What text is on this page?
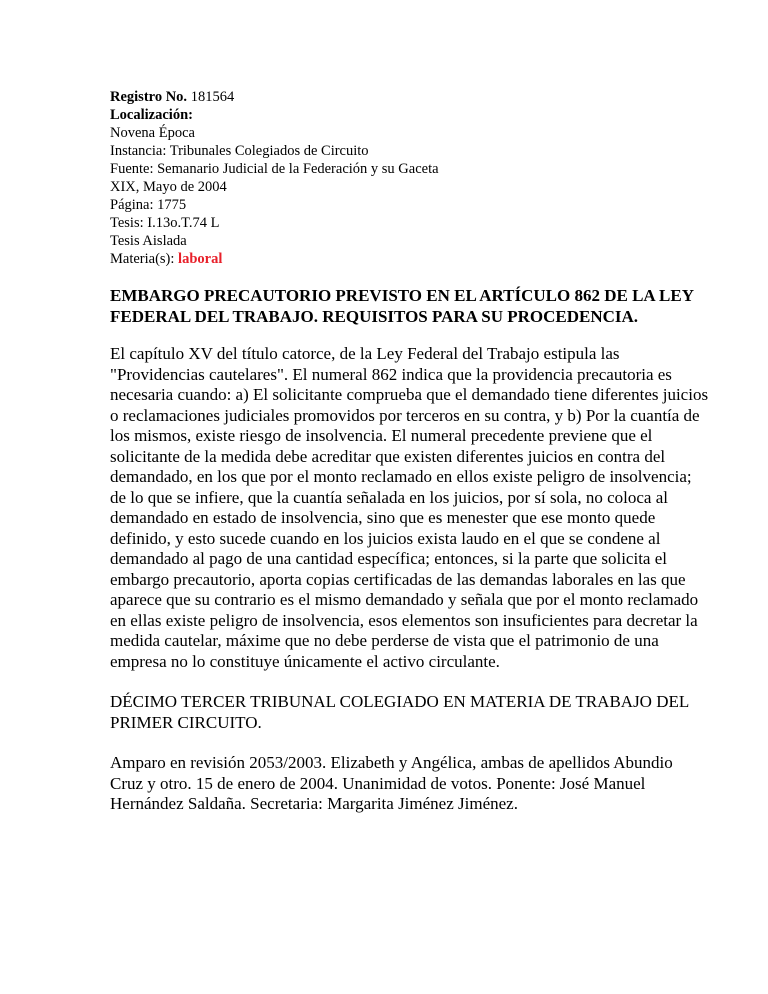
Registro No. 181564
Localización:
Novena Época
Instancia: Tribunales Colegiados de Circuito
Fuente: Semanario Judicial de la Federación y su Gaceta
XIX, Mayo de 2004
Página: 1775
Tesis: I.13o.T.74 L
Tesis Aislada
Materia(s): laboral
EMBARGO PRECAUTORIO PREVISTO EN EL ARTÍCULO 862 DE LA LEY FEDERAL DEL TRABAJO. REQUISITOS PARA SU PROCEDENCIA.
El capítulo XV del título catorce, de la Ley Federal del Trabajo estipula las "Providencias cautelares". El numeral 862 indica que la providencia precautoria es necesaria cuando: a) El solicitante comprueba que el demandado tiene diferentes juicios o reclamaciones judiciales promovidos por terceros en su contra, y b) Por la cuantía de los mismos, existe riesgo de insolvencia. El numeral precedente previene que el solicitante de la medida debe acreditar que existen diferentes juicios en contra del demandado, en los que por el monto reclamado en ellos existe peligro de insolvencia; de lo que se infiere, que la cuantía señalada en los juicios, por sí sola, no coloca al demandado en estado de insolvencia, sino que es menester que ese monto quede definido, y esto sucede cuando en los juicios exista laudo en el que se condene al demandado al pago de una cantidad específica; entonces, si la parte que solicita el embargo precautorio, aporta copias certificadas de las demandas laborales en las que aparece que su contrario es el mismo demandado y señala que por el monto reclamado en ellas existe peligro de insolvencia, esos elementos son insuficientes para decretar la medida cautelar, máxime que no debe perderse de vista que el patrimonio de una empresa no lo constituye únicamente el activo circulante.
DÉCIMO TERCER TRIBUNAL COLEGIADO EN MATERIA DE TRABAJO DEL PRIMER CIRCUITO.
Amparo en revisión 2053/2003. Elizabeth y Angélica, ambas de apellidos Abundio Cruz y otro. 15 de enero de 2004. Unanimidad de votos. Ponente: José Manuel Hernández Saldaña. Secretaria: Margarita Jiménez Jiménez.
